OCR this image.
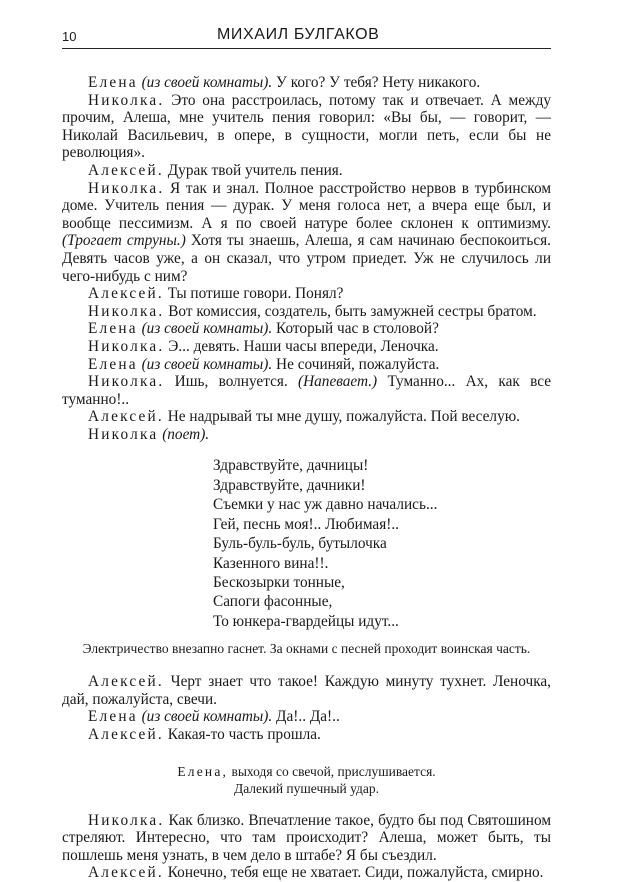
10	МИХАИЛ БУЛГАКОВ

Елена (из своей комнаты). У кого? У тебя? Нету никакого.

Николка. Это она расстроилась, потому так и отвечает. А между прочим, Алеша, мне учитель пения говорил: «Вы бы, — говорит, — Николай Васильевич, в опере, в сущности, могли петь, если бы не революция».

Алексей. Дурак твой учитель пения.

Николка. Я так и знал. Полное расстройство нервов в турбинском доме. Учитель пения — дурак. У меня голоса нет, а вчера еще был, и вообще пессимизм. А я по своей натуре более склонен к оптимизму. (Трогает струны.) Хотя ты знаешь, Алеша, я сам начинаю беспокоиться. Девять часов уже, а он сказал, что утром приедет. Уж не случилось ли чего-нибудь с ним?

Алексей. Ты потише говори. Понял?

Николка. Вот комиссия, создатель, быть замужней сестры братом.

Елена (из своей комнаты). Который час в столовой?

Николка. Э... девять. Наши часы впереди, Леночка.

Елена (из своей комнаты). Не сочиняй, пожалуйста.

Николка. Ишь, волнуется. (Напевает.) Туманно... Ах, как все туманно!..

Алексей. Не надрывай ты мне душу, пожалуйста. Пой веселую.

Николка (поет).

Здравствуйте, дачницы!
Здравствуйте, дачники!
Съемки у нас уж давно начались...
Гей, песнь моя!.. Любимая!..
Буль-буль-буль, бутылочка
Казенного вина!!.
Бескозырки тонные,
Сапоги фасонные,
То юнкера-гвардейцы идут...

Электричество внезапно гаснет. За окнами с песней проходит воинская часть.

Алексей. Черт знает что такое! Каждую минуту тухнет. Леночка, дай, пожалуйста, свечи.

Елена (из своей комнаты). Да!.. Да!..

Алексей. Какая-то часть прошла.

Елена, выходя со свечой, прислушивается.
Далекий пушечный удар.

Николка. Как близко. Впечатление такое, будто бы под Святошином стреляют. Интересно, что там происходит? Алеша, может быть, ты пошлешь меня узнать, в чем дело в штабе? Я бы съездил.

Алексей. Конечно, тебя еще не хватает. Сиди, пожалуйста, смирно.
